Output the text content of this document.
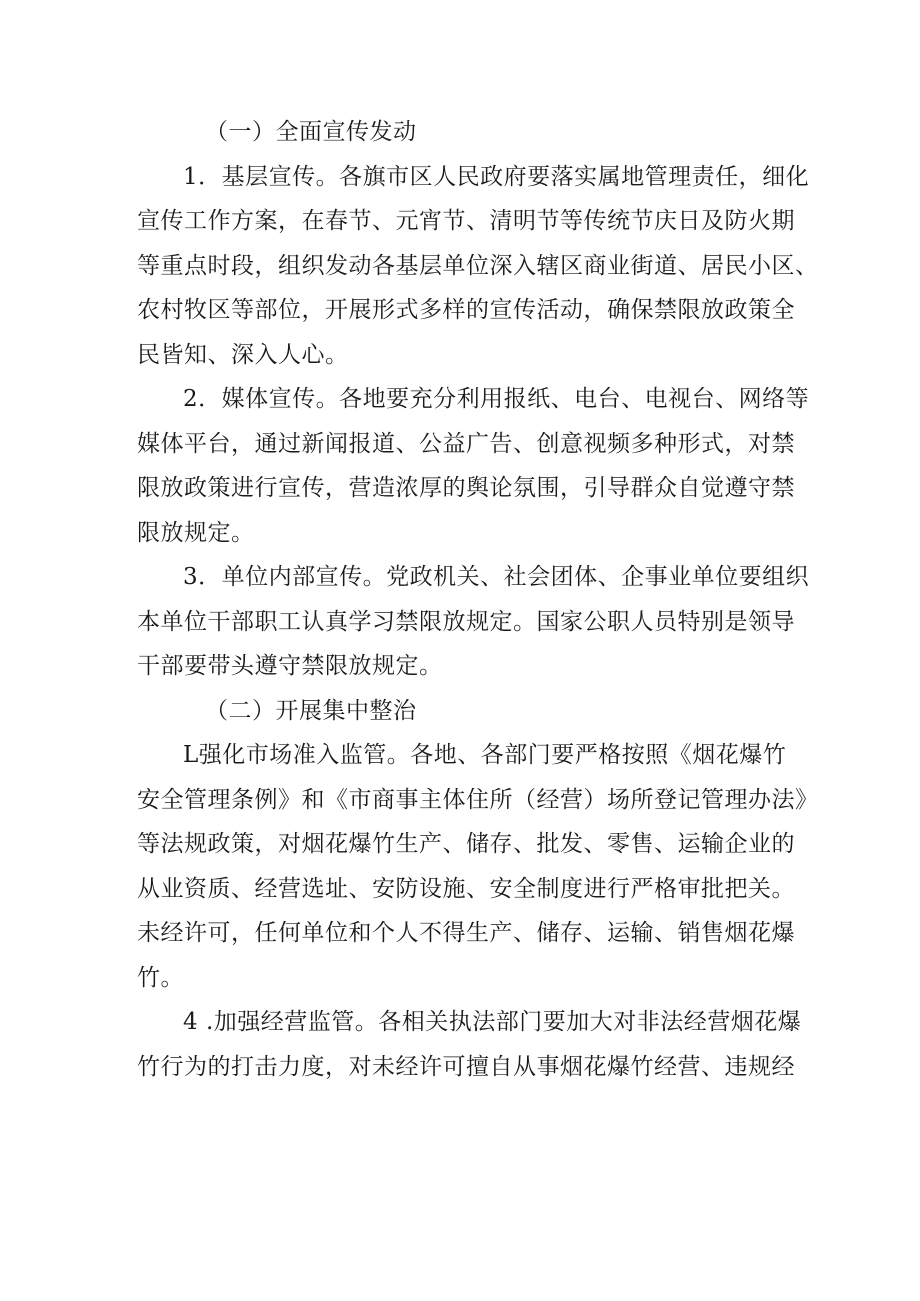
（一）全面宣传发动
1．基层宣传。各旗市区人民政府要落实属地管理责任，细化
宣传工作方案，在春节、元宵节、清明节等传统节庆日及防火期
等重点时段，组织发动各基层单位深入辖区商业街道、居民小区、
农村牧区等部位，开展形式多样的宣传活动，确保禁限放政策全
民皆知、深入人心。
2．媒体宣传。各地要充分利用报纸、电台、电视台、网络等
媒体平台，通过新闻报道、公益广告、创意视频多种形式，对禁
限放政策进行宣传，营造浓厚的舆论氛围，引导群众自觉遵守禁
限放规定。
3．单位内部宣传。党政机关、社会团体、企事业单位要组织
本单位干部职工认真学习禁限放规定。国家公职人员特别是领导
干部要带头遵守禁限放规定。
（二）开展集中整治
L强化市场准入监管。各地、各部门要严格按照《烟花爆竹
安全管理条例》和《市商事主体住所（经营）场所登记管理办法》
等法规政策，对烟花爆竹生产、储存、批发、零售、运输企业的
从业资质、经营选址、安防设施、安全制度进行严格审批把关。
未经许可，任何单位和个人不得生产、储存、运输、销售烟花爆
竹。
4 .加强经营监管。各相关执法部门要加大对非法经营烟花爆
竹行为的打击力度，对未经许可擅自从事烟花爆竹经营、违规经
